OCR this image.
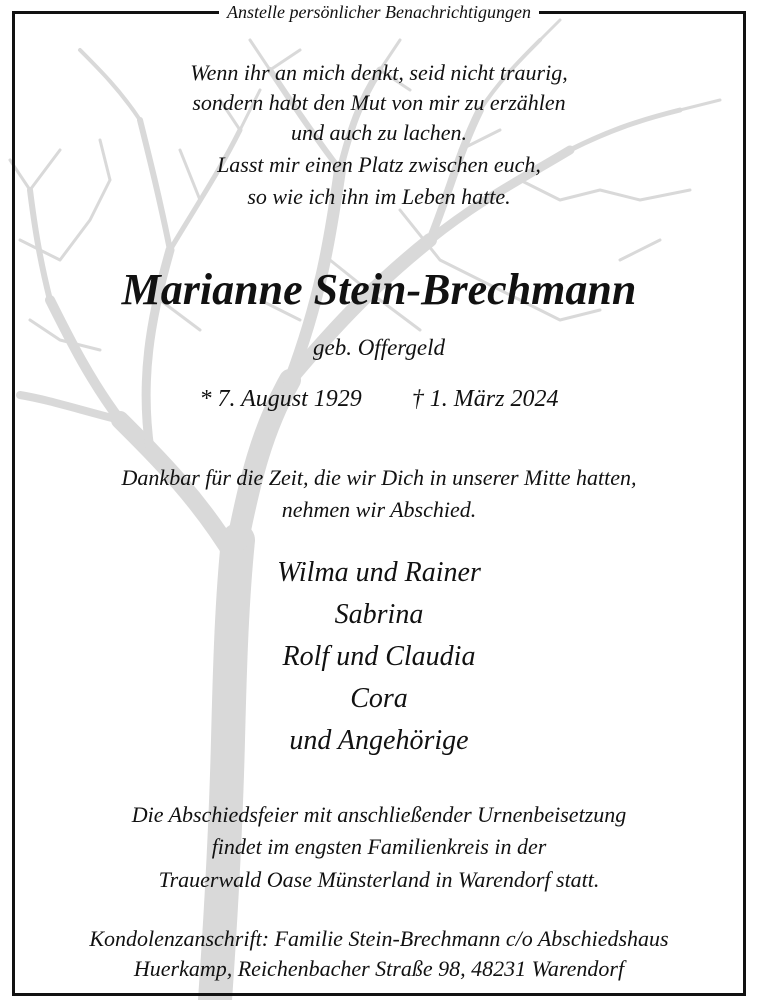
Anstelle persönlicher Benachrichtigungen
Wenn ihr an mich denkt, seid nicht traurig,
sondern habt den Mut von mir zu erzählen
und auch zu lachen.
Lasst mir einen Platz zwischen euch,
so wie ich ihn im Leben hatte.
Marianne Stein-Brechmann
geb. Offergeld
* 7. August 1929 † 1. März 2024
Dankbar für die Zeit, die wir Dich in unserer Mitte hatten,
nehmen wir Abschied.
Wilma und Rainer
Sabrina
Rolf und Claudia
Cora
und Angehörige
Die Abschiedsfeier mit anschließender Urnenbeisetzung
findet im engsten Familienkreis in der
Trauerwald Oase Münsterland in Warendorf statt.
Kondolenzanschrift: Familie Stein-Brechmann c/o Abschiedshaus
Huerkamp, Reichenbacher Straße 98, 48231 Warendorf
